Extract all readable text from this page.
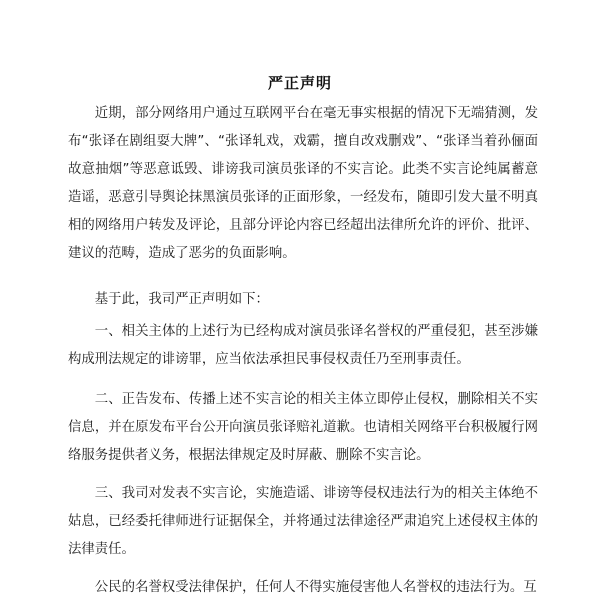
严正声明

近期，部分网络用户通过互联网平台在毫无事实根据的情况下无端猜测，发布“张译在剧组耍大牌”、“张译轧戏，戏霸，擅自改戏删戏”、“张译当着孙俪面故意抽烟”等恶意诋毁、诽谤我司演员张译的不实言论。此类不实言论纯属蓄意造谣，恶意引导舆论抹黑演员张译的正面形象，一经发布，随即引发大量不明真相的网络用户转发及评论，且部分评论内容已经超出法律所允许的评价、批评、建议的范畴，造成了恶劣的负面影响。

基于此，我司严正声明如下：

一、相关主体的上述行为已经构成对演员张译名誉权的严重侵犯，甚至涉嫌构成刑法规定的诽谤罪，应当依法承担民事侵权责任乃至刑事责任。

二、正告发布、传播上述不实言论的相关主体立即停止侵权，删除相关不实信息，并在原发布平台公开向演员张译赔礼道歉。也请相关网络平台积极履行网络服务提供者义务，根据法律规定及时屏蔽、删除不实言论。

三、我司对发表不实言论，实施造谣、诽谤等侵权违法行为的相关主体绝不姑息，已经委托律师进行证据保全，并将通过法律途径严肃追究上述侵权主体的法律责任。

公民的名誉权受法律保护，任何人不得实施侵害他人名誉权的违法行为。互
